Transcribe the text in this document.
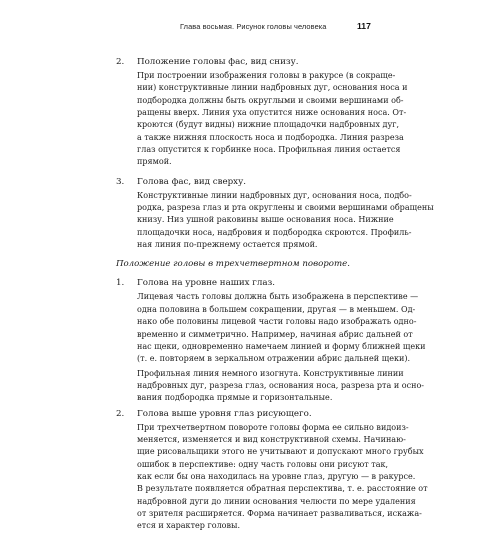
Глава восьмая. Рисунок головы человека	117
2. Положение головы фас, вид снизу.
При построении изображения головы в ракурсе (в сокраще-
нии) конструктивные линии надбровных дуг, основания носа и
подбородка должны быть округлыми и своими вершинами об-
ращены вверх. Линия уха опустится ниже основания носа. От-
кроются (будут видны) нижние площадочки надбровных дуг,
а также нижняя плоскость носа и подбородка. Линия разреза
глаз опустится к горбинке носа. Профильная линия остается
прямой.
3. Голова фас, вид сверху.
Конструктивные линии надбровных дуг, основания носа, подбо-
родка, разреза глаз и рта округлены и своими вершинами обращены
книзу. Низ ушной раковины выше основания носа. Нижние
площадочки носа, надбровия и подбородка скроются. Профиль-
ная линия по-прежнему остается прямой.
Положение головы в трехчетвертном повороте.
1. Голова на уровне наших глаз.
Лицевая часть головы должна быть изображена в перспективе —
одна половина в большем сокращении, другая — в меньшем. Од-
нако обе половины лицевой части головы надо изображать одно-
временно и симметрично. Например, начиная абрис дальней от
нас щеки, одновременно намечаем линией и форму ближней щеки
(т. е. повторяем в зеркальном отражении абрис дальней щеки).
Профильная линия немного изогнута. Конструктивные линии
надбровных дуг, разреза глаз, основания носа, разреза рта и осно-
вания подбородка прямые и горизонтальные.
2. Голова выше уровня глаз рисующего.
При трехчетвертном повороте головы форма ее сильно видоиз-
меняется, изменяется и вид конструктивной схемы. Начинаю-
щие рисовальщики этого не учитывают и допускают много грубых
ошибок в перспективе: одну часть головы они рисуют так,
как если бы она находилась на уровне глаз, другую — в ракурсе.
В результате появляется обратная перспектива, т. е. расстояние от
надбровной дуги до линии основания челюсти по мере удаления
от зрителя расширяется. Форма начинает разваливаться, искажа-
ется и характер головы.
